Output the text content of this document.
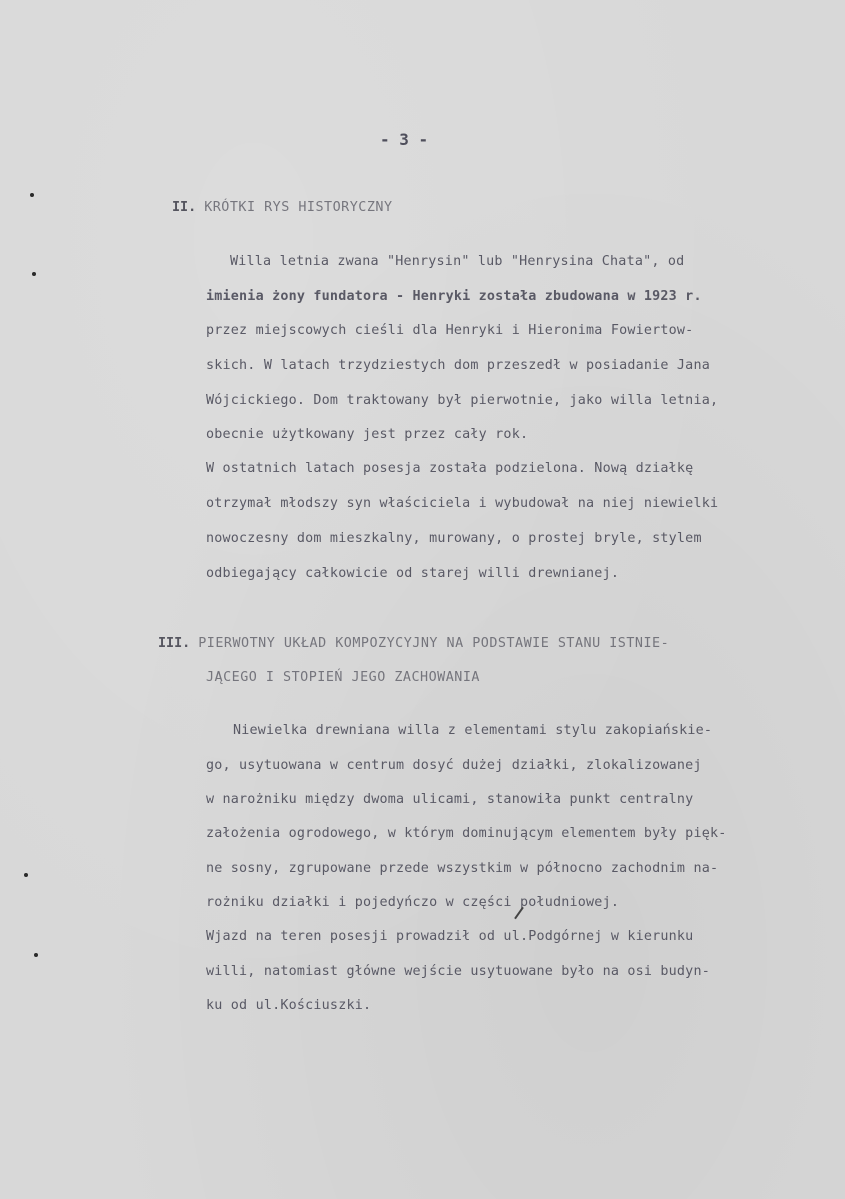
- 3 -
II. KRÓTKI RYS HISTORYCZNY
Willa letnia zwana "Henrysin" lub "Henrysina Chata", od
imienia żony fundatora - Henryki została zbudowana w 1923 r.
przez miejscowych cieśli dla Henryki i Hieronima Fowiertow-
skich. W latach trzydziestych dom przeszedł w posiadanie Jana
Wójcickiego. Dom traktowany był pierwotnie, jako willa letnia,
obecnie użytkowany jest przez cały rok.
W ostatnich latach posesja została podzielona. Nową działkę
otrzymał młodszy syn właściciela i wybudował na niej niewielki
nowoczesny dom mieszkalny, murowany, o prostej bryle, stylem
odbiegający całkowicie od starej willi drewnianej.
III. PIERWOTNY UKŁAD KOMPOZYCYJNY NA PODSTAWIE STANU ISTNIE-
JĄCEGO I STOPIEŃ JEGO ZACHOWANIA
Niewielka drewniana willa z elementami stylu zakopiańskie-
go, usytuowana w centrum dosyć dużej działki, zlokalizowanej
w narożniku między dwoma ulicami, stanowiła punkt centralny
założenia ogrodowego, w którym dominującym elementem były pięk-
ne sosny, zgrupowane przede wszystkim w północno zachodnim na-
rożniku działki i pojedyńczo w części południowej.
Wjazd na teren posesji prowadził od ul.Podgórnej w kierunku
willi, natomiast główne wejście usytuowane było na osi budyn-
ku od ul.Kościuszki.
